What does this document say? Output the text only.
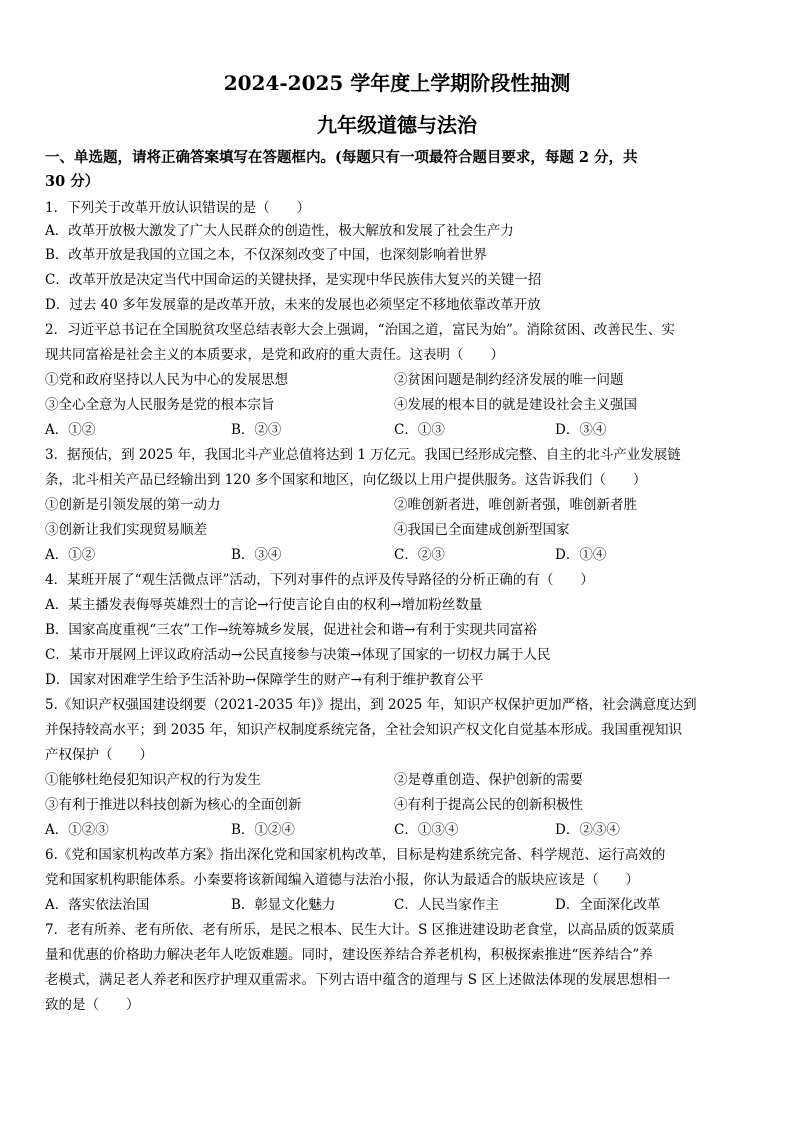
2024-2025 学年度上学期阶段性抽测
九年级道德与法治
一、单选题，请将正确答案填写在答题框内。(每题只有一项最符合题目要求，每题 2 分，共
30 分）
1．下列关于改革开放认识错误的是（　　）
A．改革开放极大激发了广大人民群众的创造性，极大解放和发展了社会生产力
B．改革开放是我国的立国之本，不仅深刻改变了中国，也深刻影响着世界
C．改革开放是决定当代中国命运的关键抉择，是实现中华民族伟大复兴的关键一招
D．过去 40 多年发展靠的是改革开放，未来的发展也必须坚定不移地依靠改革开放
2．习近平总书记在全国脱贫攻坚总结表彰大会上强调，“治国之道，富民为始”。消除贫困、改善民生、实
现共同富裕是社会主义的本质要求，是党和政府的重大责任。这表明（　　）
①党和政府坚持以人民为中心的发展思想	②贫困问题是制约经济发展的唯一问题
③全心全意为人民服务是党的根本宗旨	④发展的根本目的就是建设社会主义强国
A．①②	B．②③	C．①③	D．③④
3．据预估，到 2025 年，我国北斗产业总值将达到 1 万亿元。我国已经形成完整、自主的北斗产业发展链
条，北斗相关产品已经输出到 120 多个国家和地区，向亿级以上用户提供服务。这告诉我们（　　）
①创新是引领发展的第一动力	②唯创新者进，唯创新者强，唯创新者胜
③创新让我们实现贸易顺差	④我国已全面建成创新型国家
A．①②	B．③④	C．②③	D．①④
4．某班开展了“观生活微点评”活动，下列对事件的点评及传导路径的分析正确的有（　　）
A．某主播发表侮辱英雄烈士的言论→行使言论自由的权利→增加粉丝数量
B．国家高度重视“三农”工作→统筹城乡发展，促进社会和谐→有利于实现共同富裕
C．某市开展网上评议政府活动→公民直接参与决策→体现了国家的一切权力属于人民
D．国家对困难学生给予生活补助→保障学生的财产→有利于维护教育公平
5.《知识产权强国建设纲要（2021-2035 年)》提出，到 2025 年，知识产权保护更加严格，社会满意度达到
并保持较高水平；到 2035 年，知识产权制度系统完备，全社会知识产权文化自觉基本形成。我国重视知识
产权保护（　　）
①能够杜绝侵犯知识产权的行为发生	②是尊重创造、保护创新的需要
③有利于推进以科技创新为核心的全面创新	④有利于提高公民的创新积极性
A．①②③	B．①②④	C．①③④	D．②③④
6.《党和国家机构改革方案》指出深化党和国家机构改革，目标是构建系统完备、科学规范、运行高效的
党和国家机构职能体系。小秦要将该新闻编入道德与法治小报，你认为最适合的版块应该是（　　）
A．落实依法治国	B．彰显文化魅力	C．人民当家作主	D．全面深化改革
7．老有所养、老有所依、老有所乐，是民之根本、民生大计。S 区推进建设助老食堂，以高品质的饭菜质
量和优惠的价格助力解决老年人吃饭难题。同时，建设医养结合养老机构，积极探索推进“医养结合”养
老模式，满足老人养老和医疗护理双重需求。下列古语中蕴含的道理与 S 区上述做法体现的发展思想相一
致的是（　　）
